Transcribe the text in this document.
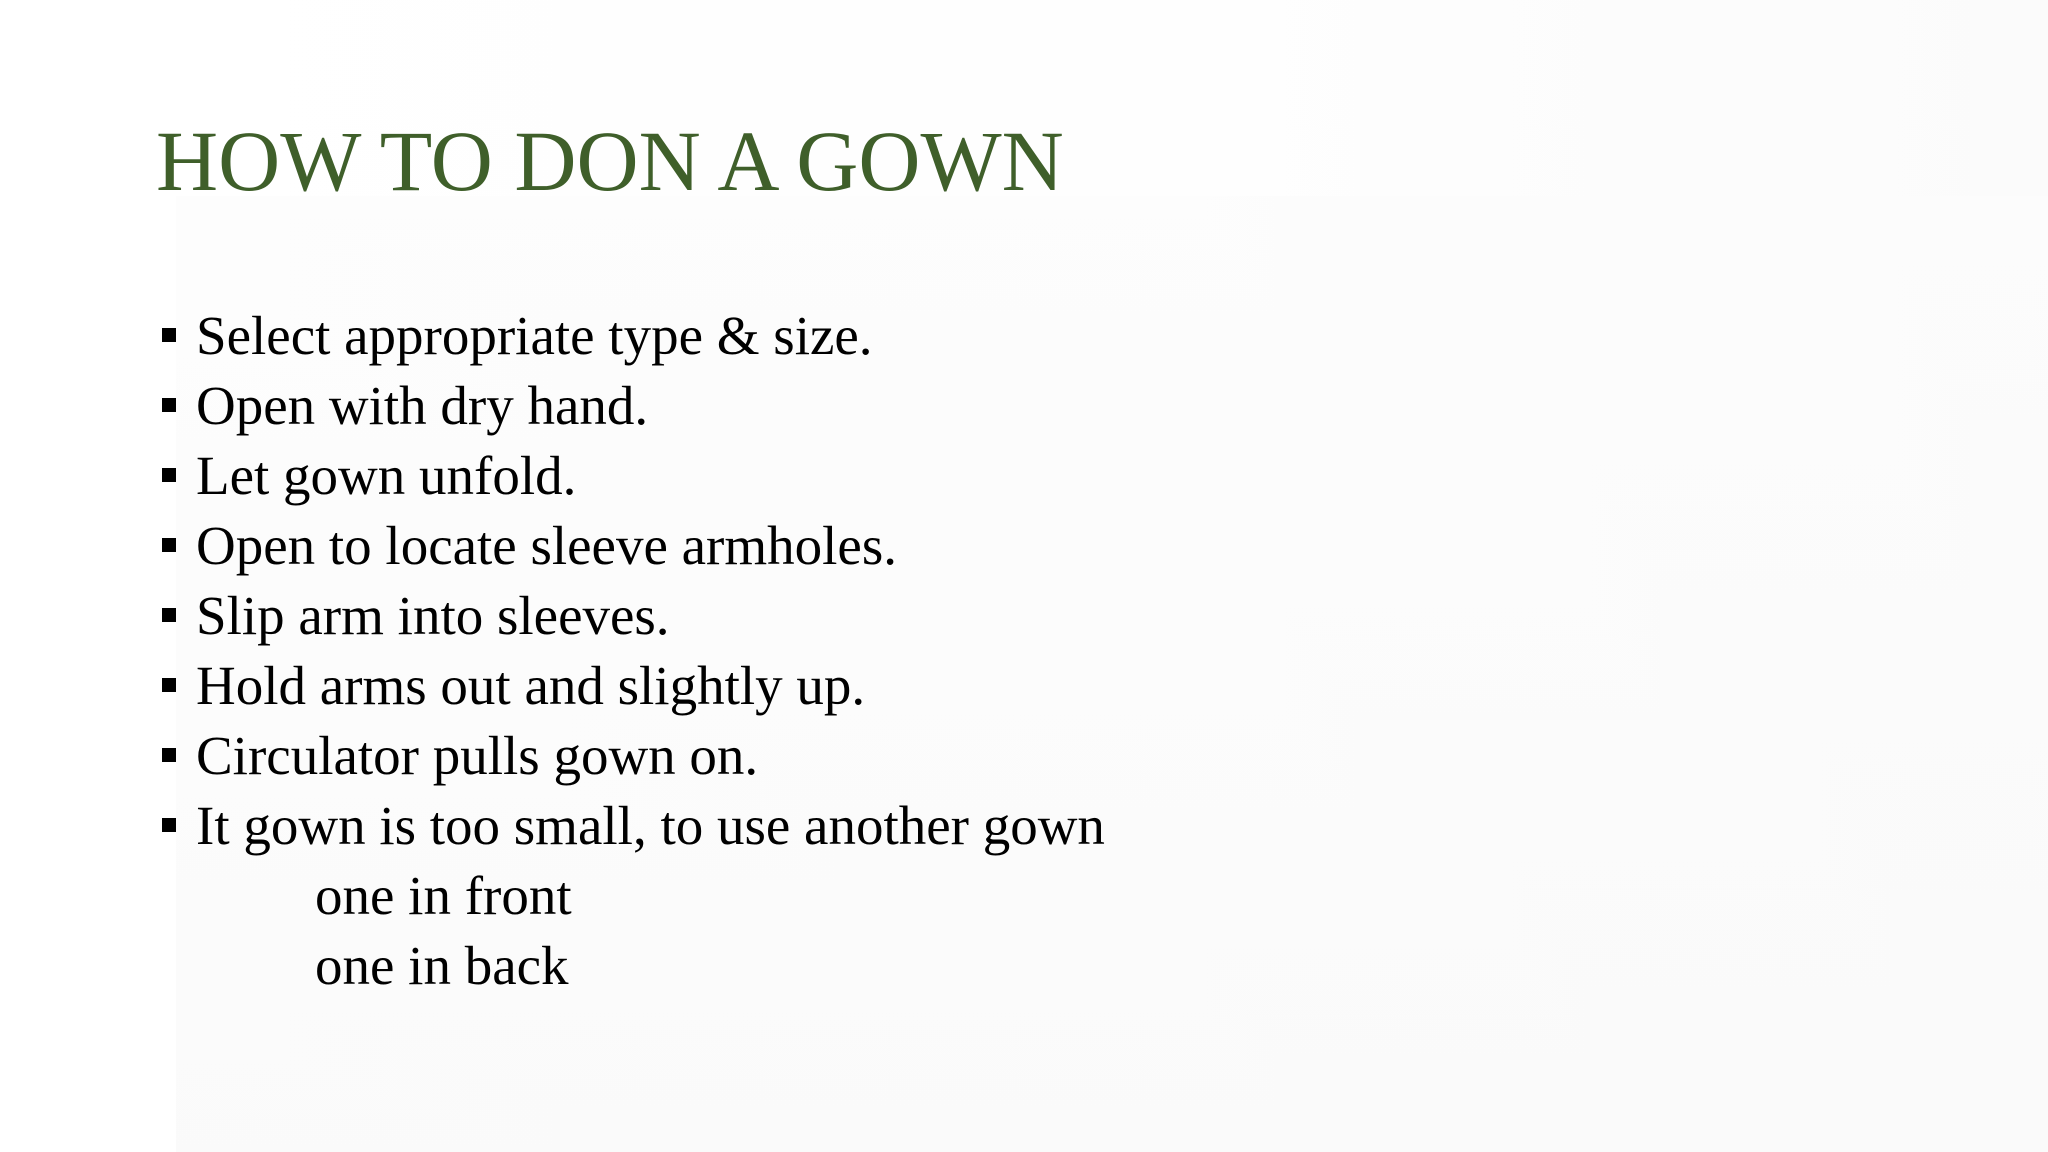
HOW TO DON A GOWN
Select appropriate type & size.
Open with dry hand.
Let gown unfold.
Open to locate sleeve armholes.
Slip arm into sleeves.
Hold arms out and slightly up.
Circulator pulls gown on.
It gown is too small, to use another gown
one in front
one in back
